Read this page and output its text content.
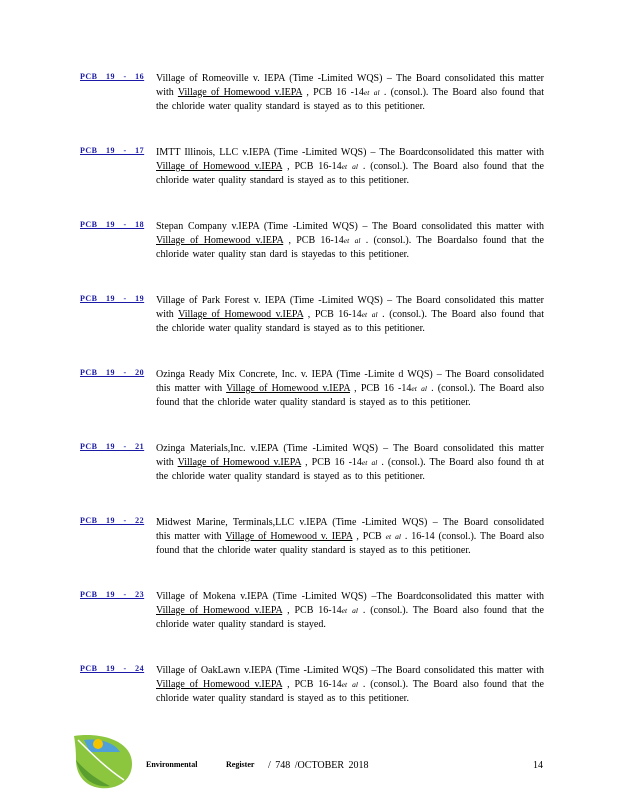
PCB 19 - 16 Village of Romeoville v. IEPA (Time -Limited WQS) – The Board consolidated this matter with Village of Homewood v.IEPA , PCB 16 -14et al . (consol.). The Board also found that the chloride water quality standard is stayed as to this petitioner.
PCB 19 - 17 IMTT Illinois, LLC v.IEPA (Time -Limited WQS) – The Boardconsolidated this matter with Village of Homewood v.IEPA , PCB 16-14et al . (consol.). The Board also found that the chloride water quality standard is stayed as to this petitioner.
PCB 19 - 18 Stepan Company v.IEPA (Time -Limited WQS) – The Board consolidated this matter with Village of Homewood v.IEPA , PCB 16-14et al . (consol.). The Boardalso found that the chloride water quality stan dard is stayedas to this petitioner.
PCB 19 - 19 Village of Park Forest v. IEPA (Time -Limited WQS) – The Board consolidated this matter with Village of Homewood v.IEPA , PCB 16-14et al . (consol.). The Board also found that the chloride water quality standard is stayed as to this petitioner.
PCB 19 - 20 Ozinga Ready Mix Concrete, Inc. v. IEPA (Time -Limite d WQS) – The Board consolidated this matter with Village of Homewood v.IEPA , PCB 16 -14et al . (consol.). The Board also found that the chloride water quality standard is stayed as to this petitioner.
PCB 19 - 21 Ozinga Materials,Inc. v.IEPA (Time -Limited WQS) – The Board consolidated this matter with Village of Homewood v.IEPA , PCB 16 -14et al . (consol.). The Board also found th at the chloride water quality standard is stayed as to this petitioner.
PCB 19 - 22 Midwest Marine, Terminals,LLC v.IEPA (Time -Limited WQS) – The Board consolidated this matter with Village of Homewood v. IEPA , PCB et al . 16-14 (consol.). The Board also found that the chloride water quality standard is stayed as to this petitioner.
PCB 19 - 23 Village of Mokena v.IEPA (Time -Limited WQS) –The Boardconsolidated this matter with Village of Homewood v.IEPA , PCB 16-14et al . (consol.). The Board also found that the chloride water quality standard is stayed.
PCB 19 - 24 Village of OakLawn v.IEPA (Time -Limited WQS) –The Board consolidated this matter with Village of Homewood v.IEPA , PCB 16-14et al . (consol.). The Board also found that the chloride water quality standard is stayed as to this petitioner.
Environmental	Register / 748 /OCTOBER 2018	14
